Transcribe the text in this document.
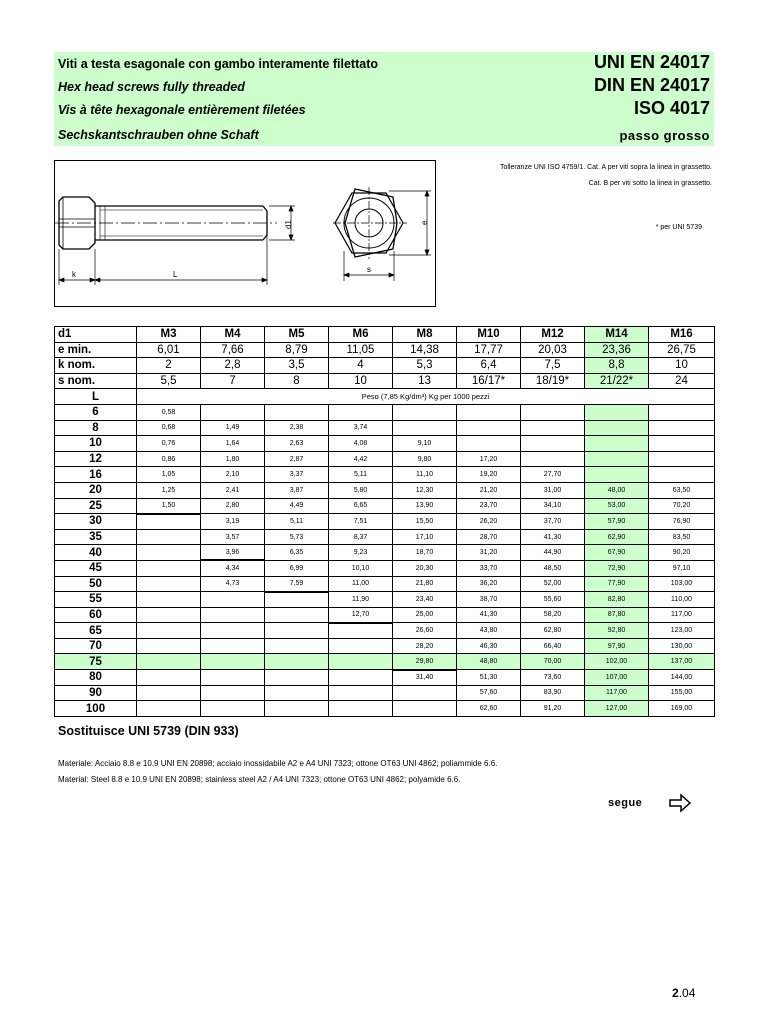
Viti a testa esagonale con gambo interamente filettato
Hex head screws fully threaded
Vis à tête hexagonale entièrement filetées
Sechskantschrauben ohne Schaft
UNI EN 24017
DIN EN 24017
ISO 4017
passo grosso
d1
k	L
e
s
Tolleranze UNI ISO 4759/1. Cat. A per viti sopra la linea in grassetto.
Cat. B per viti sotto la linea in grassetto.
* per UNI 5739
d1	M3	M4	M5	M6	M8	M10	M12	M14	M16
e min.	6,01	7,66	8,79	11,05	14,38	17,77	20,03	23,36	26,75
k nom.	2	2,8	3,5	4	5,3	6,4	7,5	8,8	10
s nom.	5,5	7	8	10	13	16/17*	18/19*	21/22*	24
L	Peso (7,85 Kg/dm³) Kg per 1000 pezzi								
6	0,58								
8	0,68	1,49	2,38	3,74					
10	0,76	1,64	2,63	4,08	9,10				
12	0,86	1,80	2,87	4,42	9,80	17,20			
16	1,05	2,10	3,37	5,11	11,10	19,20	27,70		
20	1,25	2,41	3,87	5,80	12,30	21,20	31,00	48,00	63,50
25	1,50	2,80	4,49	6,65	13,90	23,70	34,10	53,00	70,20
30		3,19	5,11	7,51	15,50	26,20	37,70	57,90	76,90
35		3,57	5,73	8,37	17,10	28,70	41,30	62,90	83,50
40		3,96	6,35	9,23	18,70	31,20	44,90	67,90	90,20
45		4,34	6,99	10,10	20,30	33,70	48,50	72,90	97,10
50		4,73	7,59	11,00	21,80	36,20	52,00	77,90	103,00
55				11,90	23,40	38,70	55,60	82,80	110,00
60				12,70	25,00	41,30	58,20	87,80	117,00
65					26,60	43,80	62,80	92,80	123,00
70					28,20	46,30	66,40	97,90	130,00
75					29,80	48,80	70,00	102,00	137,00
80					31,40	51,30	73,60	107,00	144,00
90						57,60	83,90	117,00	155,00
100						62,60	91,20	127,00	169,00
Sostituisce UNI 5739 (DIN 933)
Materiale: Acciaio 8.8 e 10.9 UNI EN 20898; acciaio inossidabile A2 e A4 UNI 7323; ottone OT63 UNI 4862; poliammide 6.6.
Material: Steel 8.8 e 10.9 UNI EN 20898; stainless steel A2 / A4 UNI 7323; ottone OT63 UNI 4862; polyamide 6.6.
segue
2.04
